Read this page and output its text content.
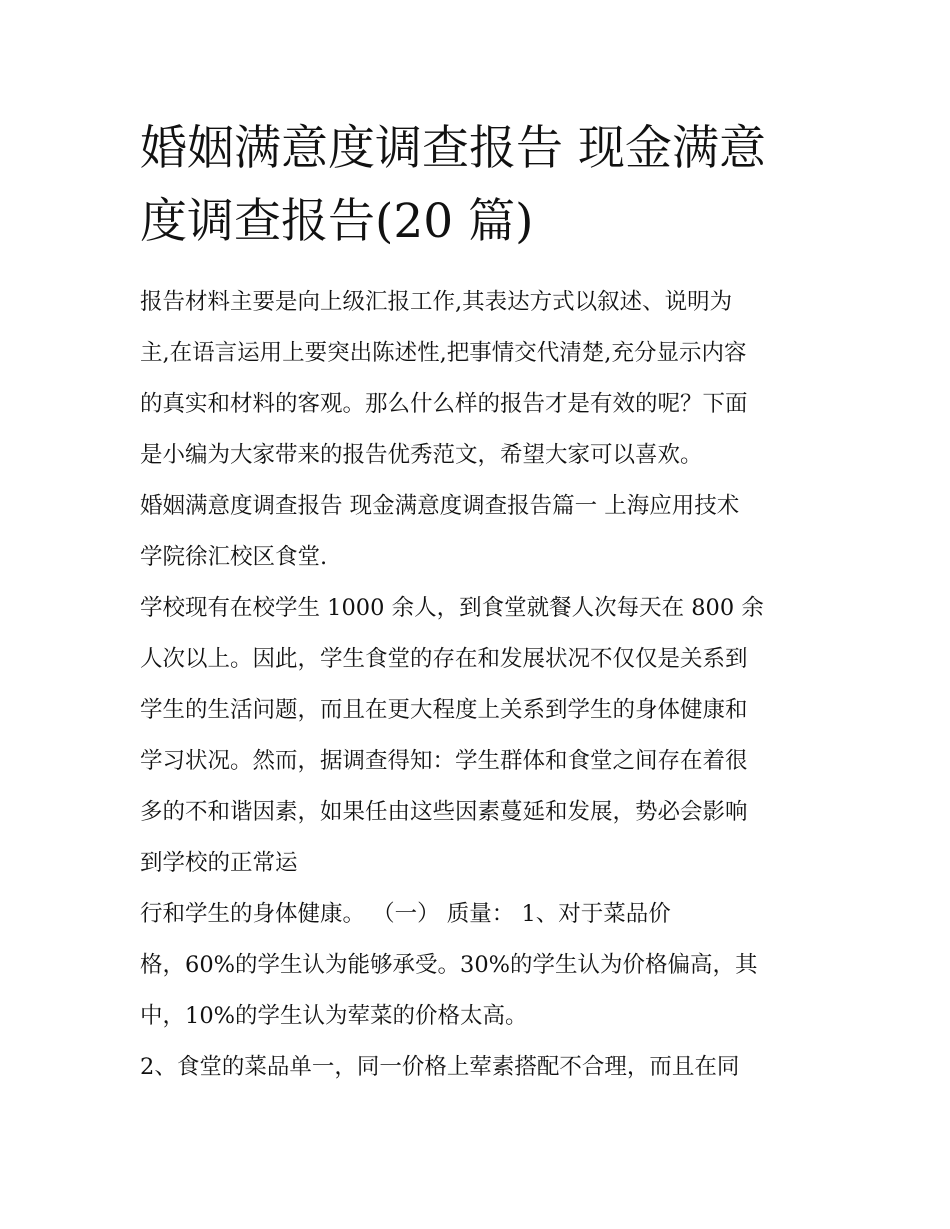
婚姻满意度调查报告 现金满意
度调查报告(20 篇)
报告材料主要是向上级汇报工作,其表达方式以叙述、说明为
主,在语言运用上要突出陈述性,把事情交代清楚,充分显示内容
的真实和材料的客观。那么什么样的报告才是有效的呢？下面
是小编为大家带来的报告优秀范文，希望大家可以喜欢。
婚姻满意度调查报告 现金满意度调查报告篇一 上海应用技术
学院徐汇校区食堂.
学校现有在校学生 1000 余人，到食堂就餐人次每天在 800 余
人次以上。因此，学生食堂的存在和发展状况不仅仅是关系到
学生的生活问题，而且在更大程度上关系到学生的身体健康和
学习状况。然而，据调查得知：学生群体和食堂之间存在着很
多的不和谐因素，如果任由这些因素蔓延和发展，势必会影响
到学校的正常运
行和学生的身体健康。 （一） 质量： 1、对于菜品价
格，60%的学生认为能够承受。30%的学生认为价格偏高，其
中，10%的学生认为荤菜的价格太高。
2、食堂的菜品单一，同一价格上荤素搭配不合理，而且在同
